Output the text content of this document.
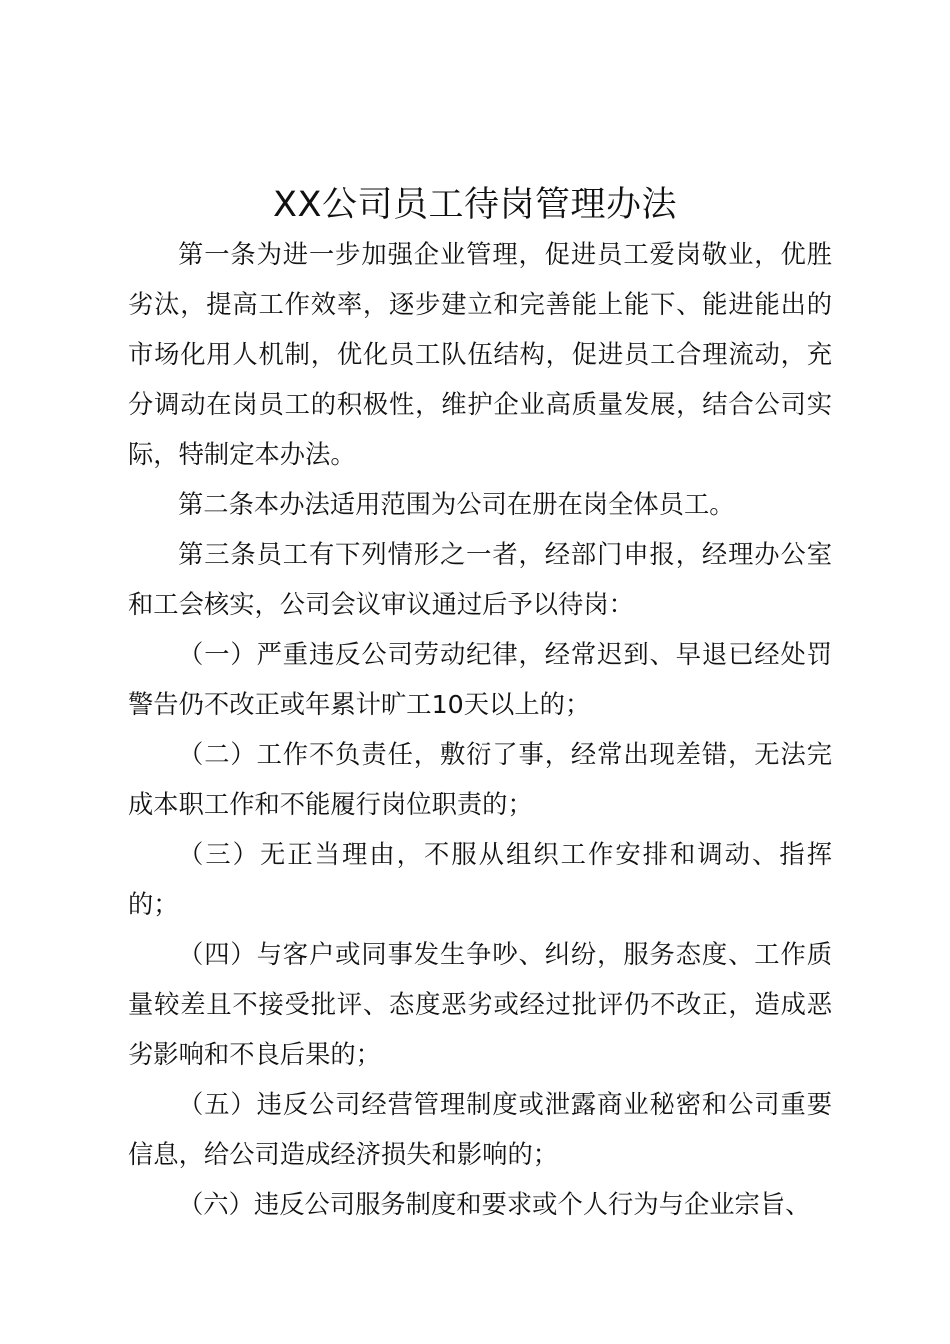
XX公司员工待岗管理办法

第一条为进一步加强企业管理，促进员工爱岗敬业，优胜劣汰，提高工作效率，逐步建立和完善能上能下、能进能出的市场化用人机制，优化员工队伍结构，促进员工合理流动，充分调动在岗员工的积极性，维护企业高质量发展，结合公司实际，特制定本办法。

第二条本办法适用范围为公司在册在岗全体员工。

第三条员工有下列情形之一者，经部门申报，经理办公室和工会核实，公司会议审议通过后予以待岗：

（一）严重违反公司劳动纪律，经常迟到、早退已经处罚警告仍不改正或年累计旷工10天以上的；

（二）工作不负责任，敷衍了事，经常出现差错，无法完成本职工作和不能履行岗位职责的；

（三）无正当理由，不服从组织工作安排和调动、指挥的；

（四）与客户或同事发生争吵、纠纷，服务态度、工作质量较差且不接受批评、态度恶劣或经过批评仍不改正，造成恶劣影响和不良后果的；

（五）违反公司经营管理制度或泄露商业秘密和公司重要信息，给公司造成经济损失和影响的；

（六）违反公司服务制度和要求或个人行为与企业宗旨、
